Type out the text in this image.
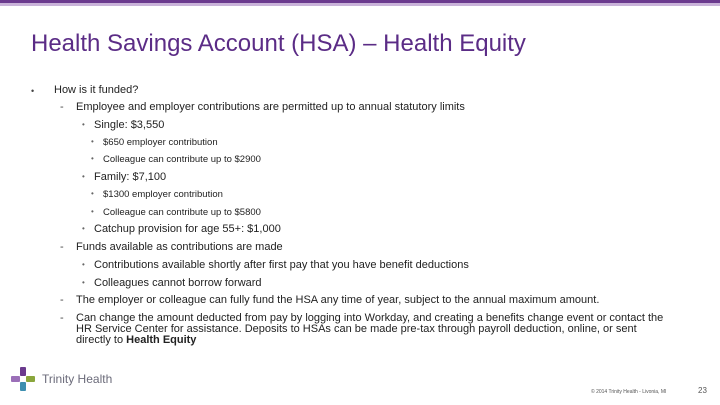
Health Savings Account (HSA) – Health Equity
• How is it funded?
- Employee and employer contributions are permitted up to annual statutory limits
• Single: $3,550
• $650 employer contribution
• Colleague can contribute up to $2900
• Family: $7,100
• $1300 employer contribution
• Colleague can contribute up to $5800
• Catchup provision for age 55+: $1,000
- Funds available as contributions are made
• Contributions available shortly after first pay that you have benefit deductions
• Colleagues cannot borrow forward
- The employer or colleague can fully fund the HSA any time of year, subject to the annual maximum amount.
- Can change the amount deducted from pay by logging into Workday, and creating a benefits change event or contact the HR Service Center for assistance. Deposits to HSAs can be made pre-tax through payroll deduction, online, or sent directly to Health Equity
Trinity Health
© 2014 Trinity Health - Livonia, MI	23
